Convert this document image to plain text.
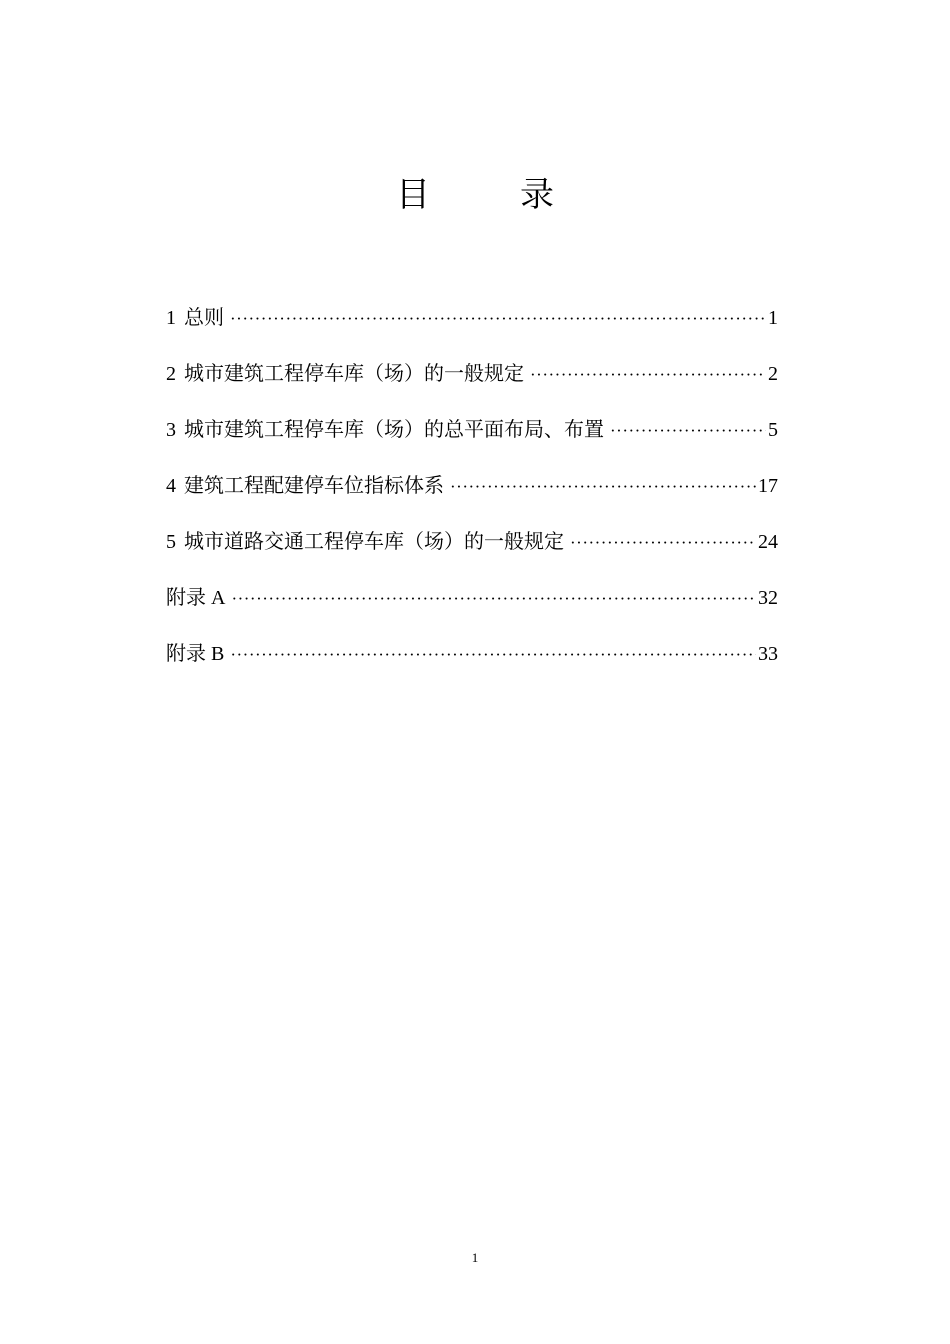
目　录
1 总则 ·····	1
2 城市建筑工程停车库（场）的一般规定 ·····	2
3 城市建筑工程停车库（场）的总平面布局、布置 ·····	5
4 建筑工程配建停车位指标体系 ·····	17
5 城市道路交通工程停车库（场）的一般规定 ·····	24
附录 A ·····	32
附录 B ·····	33
1
